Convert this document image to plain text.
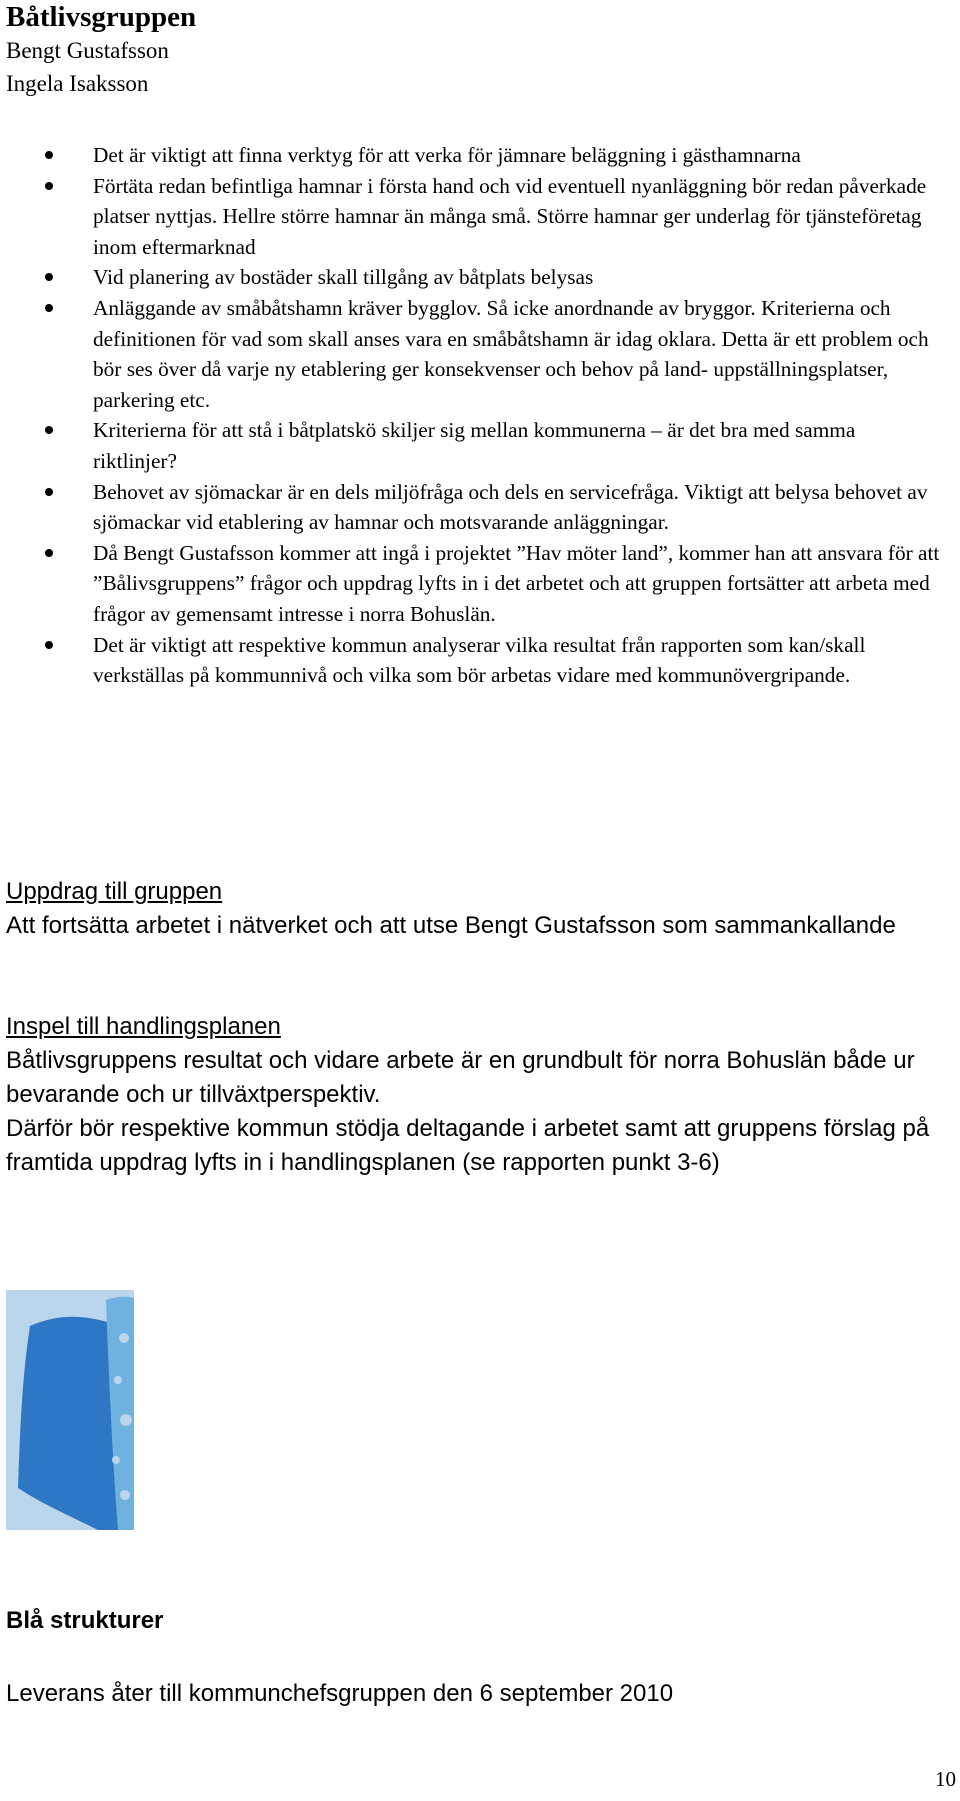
Båtlivsgruppen
Bengt Gustafsson
Ingela Isaksson
Det är viktigt att finna verktyg för att verka för jämnare beläggning i gästhamnarna
Förtäta redan befintliga hamnar i första hand och vid eventuell nyanläggning bör redan påverkade platser nyttjas. Hellre större hamnar än många små. Större hamnar ger underlag för tjänsteföretag inom eftermarknad
Vid planering av bostäder skall tillgång av båtplats belysas
Anläggande av småbåtshamn kräver bygglov. Så icke anordnande av bryggor. Kriterierna och definitionen för vad som skall anses vara en småbåtshamn är idag oklara. Detta är ett problem och bör ses över då varje ny etablering ger konsekvenser och behov på land- uppställningsplatser, parkering etc.
Kriterierna för att stå i båtplatskö skiljer sig mellan kommunerna – är det bra med samma riktlinjer?
Behovet av sjömackar är en dels miljöfråga och dels en servicefråga. Viktigt att belysa behovet av sjömackar vid etablering av hamnar och motsvarande anläggningar.
Då Bengt Gustafsson kommer att ingå i projektet ”Hav möter land”, kommer han att ansvara för att ”Bålivsgruppens” frågor och uppdrag lyfts in i det arbetet och att gruppen fortsätter att arbeta med frågor av gemensamt intresse i norra Bohuslän.
Det är viktigt att respektive kommun analyserar vilka resultat från rapporten som kan/skall verkställas på kommunnivå och vilka som bör arbetas vidare med kommunövergripande.
Uppdrag till gruppen

Att fortsätta arbetet i nätverket och att utse Bengt Gustafsson som sammankallande

Inspel till handlingsplanen

Båtlivsgruppens resultat och vidare arbete är en grundbult för norra Bohuslän både ur bevarande och ur tillväxtperspektiv.

Därför bör respektive kommun stödja deltagande i arbetet samt att gruppens förslag på framtida uppdrag lyfts in i handlingsplanen (se rapporten punkt 3-6)

Blå strukturer
Leverans åter till kommunchefsgruppen den 6 september 2010
10
